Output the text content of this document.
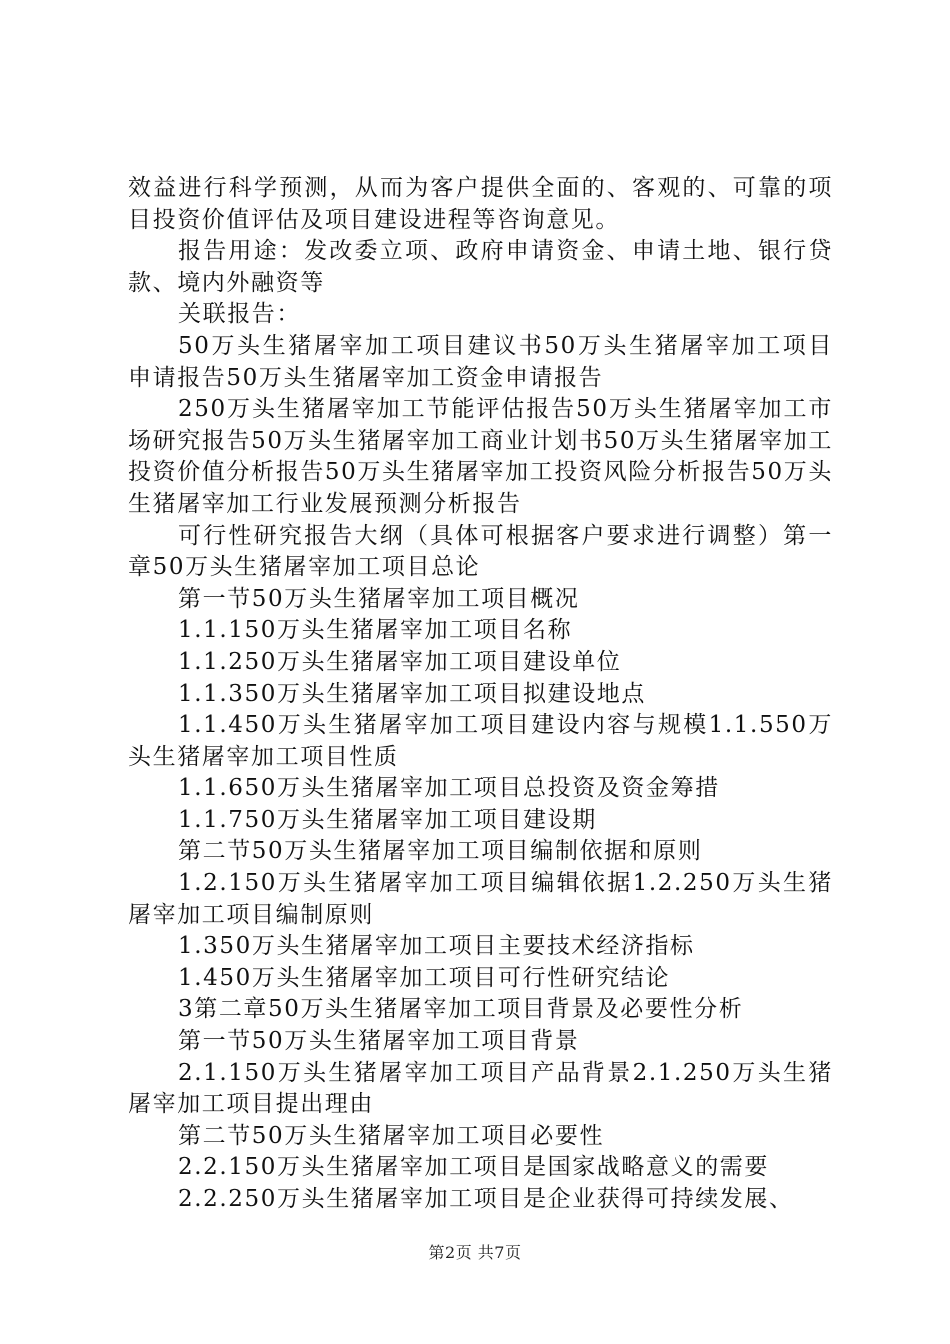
效益进行科学预测，从而为客户提供全面的、客观的、可靠的项目投资价值评估及项目建设进程等咨询意见。

报告用途：发改委立项、政府申请资金、申请土地、银行贷款、境内外融资等

关联报告：

50万头生猪屠宰加工项目建议书50万头生猪屠宰加工项目申请报告50万头生猪屠宰加工资金申请报告

250万头生猪屠宰加工节能评估报告50万头生猪屠宰加工市场研究报告50万头生猪屠宰加工商业计划书50万头生猪屠宰加工投资价值分析报告50万头生猪屠宰加工投资风险分析报告50万头生猪屠宰加工行业发展预测分析报告

可行性研究报告大纲（具体可根据客户要求进行调整）第一章50万头生猪屠宰加工项目总论

第一节50万头生猪屠宰加工项目概况

1.1.150万头生猪屠宰加工项目名称

1.1.250万头生猪屠宰加工项目建设单位

1.1.350万头生猪屠宰加工项目拟建设地点

1.1.450万头生猪屠宰加工项目建设内容与规模1.1.550万头生猪屠宰加工项目性质

1.1.650万头生猪屠宰加工项目总投资及资金筹措

1.1.750万头生猪屠宰加工项目建设期

第二节50万头生猪屠宰加工项目编制依据和原则

1.2.150万头生猪屠宰加工项目编辑依据1.2.250万头生猪屠宰加工项目编制原则

1.350万头生猪屠宰加工项目主要技术经济指标

1.450万头生猪屠宰加工项目可行性研究结论

3第二章50万头生猪屠宰加工项目背景及必要性分析

第一节50万头生猪屠宰加工项目背景

2.1.150万头生猪屠宰加工项目产品背景2.1.250万头生猪屠宰加工项目提出理由

第二节50万头生猪屠宰加工项目必要性

2.2.150万头生猪屠宰加工项目是国家战略意义的需要

2.2.250万头生猪屠宰加工项目是企业获得可持续发展、

第2页 共7页
